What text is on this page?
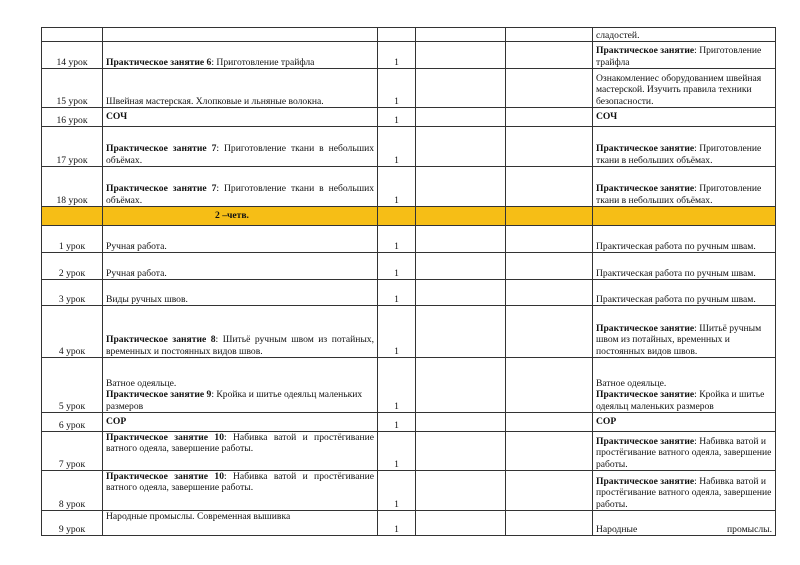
					сладостей.
14 урок	Практическое занятие 6: Приготовление трайфла	1			Практическое занятие: Приготовление трайфла
15 урок	Швейная мастерская. Хлопковые и льняные волокна.	1			Ознакомлениес оборудованием швейная мастерской. Изучить правила техники безопасности.
16 урок	СОЧ	1			СОЧ
17 урок	Практическое занятие 7: Приготовление ткани в небольших объёмах.	1			Практическое занятие: Приготовление ткани в небольших объёмах.
18 урок	Практическое занятие 7: Приготовление ткани в небольших объёмах.	1			Практическое занятие: Приготовление ткани в небольших объёмах.
	2 –четв.				
1 урок	Ручная работа.	1			Практическая работа по ручным швам.
2 урок	Ручная работа.	1			Практическая работа по ручным швам.
3 урок	Виды ручных швов.	1			Практическая работа по ручным швам.
4 урок	Практическое занятие 8: Шитьё ручным швом из потайных, временных и постоянных видов швов.	1			Практическое занятие: Шитьё ручным швом из потайных, временных и постоянных видов швов.
5 урок	Ватное одеяльце.
Практическое занятие 9: Кройка и шитье одеяльц маленьких размеров	1			Ватное одеяльце.
Практическое занятие: Кройка и шитье одеяльц маленьких размеров
6 урок	СОР	1			СОР
7 урок	Практическое занятие 10: Набивка ватой и простёгивание ватного одеяла, завершение работы.	1			Практическое занятие: Набивка ватой и простёгивание ватного одеяла, завершение работы.
8 урок	Практическое занятие 10: Набивка ватой и простёгивание ватного одеяла, завершение работы.	1			Практическое занятие: Набивка ватой и простёгивание ватного одеяла, завершение работы.
9 урок	Народные промыслы. Современная вышивка	1			Народные промыслы.
